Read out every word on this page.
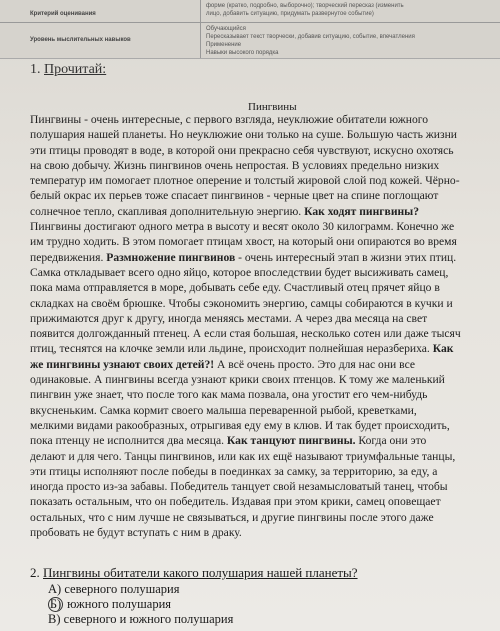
Критерий оценивания
Уровень мыслительных навыков
форме (кратко, подробно, выборочно); творческий пересказ (изменить
лицо, добавить ситуацию, придумать развернутое событие)
Обучающийся
Пересказывает текст творчески, добавив ситуацию, событие, впечатления
Применение
Навыки высокого порядка
1. Прочитай:
Пингвины
Пингвины - очень интересные, с первого взгляда, неуклюжие обитатели южного
полушария нашей планеты. Но неуклюжие они только на суше. Большую часть жизни
эти птицы проводят в воде, в которой они прекрасно себя чувствуют, искусно охотясь
на свою добычу. Жизнь пингвинов очень непростая. В условиях предельно низких
температур им помогает плотное оперение и толстый жировой слой под кожей. Чёрно-
белый окрас их перьев тоже спасает пингвинов - черные цвет на спине поглощают
солнечное тепло, скапливая дополнительную энергию. Как ходят пингвины?
Пингвины достигают одного метра в высоту и весят около 30 килограмм. Конечно же
им трудно ходить. В этом помогает птицам хвост, на который они опираются во время
передвижения. Размножение пингвинов - очень интересный этап в жизни этих птиц.
Самка откладывает всего одно яйцо, которое впоследствии будет высиживать самец,
пока мама отправляется в море, добывать себе еду. Счастливый отец прячет яйцо в
складках на своём брюшке. Чтобы сэкономить энергию, самцы собираются в кучки и
прижимаются друг к другу, иногда меняясь местами. А через два месяца на свет
появится долгожданный птенец. А если стая большая, несколько сотен или даже тысяч
птиц, теснятся на клочке земли или льдине, происходит полнейшая неразбериха. Как
же пингвины узнают своих детей?! А всё очень просто. Это для нас они все
одинаковые. А пингвины всегда узнают крики своих птенцов. К тому же маленький
пингвин уже знает, что после того как мама позвала, она угостит его чем-нибудь
вкусненьким. Самка кормит своего малыша переваренной рыбой, креветками,
мелкими видами ракообразных, отрыгивая еду ему в клюв. И так будет происходить,
пока птенцу не исполнится два месяца. Как танцуют пингвины. Когда они это
делают и для чего. Танцы пингвинов, или как их ещё называют триумфальные танцы,
эти птицы исполняют после победы в поединках за самку, за территорию, за еду, а
иногда просто из-за забавы. Победитель танцует свой незамысловатый танец, чтобы
показать остальным, что он победитель. Издавая при этом крики, самец оповещает
остальных, что с ним лучше не связываться, и другие пингвины после этого даже
пробовать не будут вступать с ним в драку.
2. Пингвины обитатели какого полушария нашей планеты?
А) северного полушария
Б) южного полушария
В) северного и южного полушария
